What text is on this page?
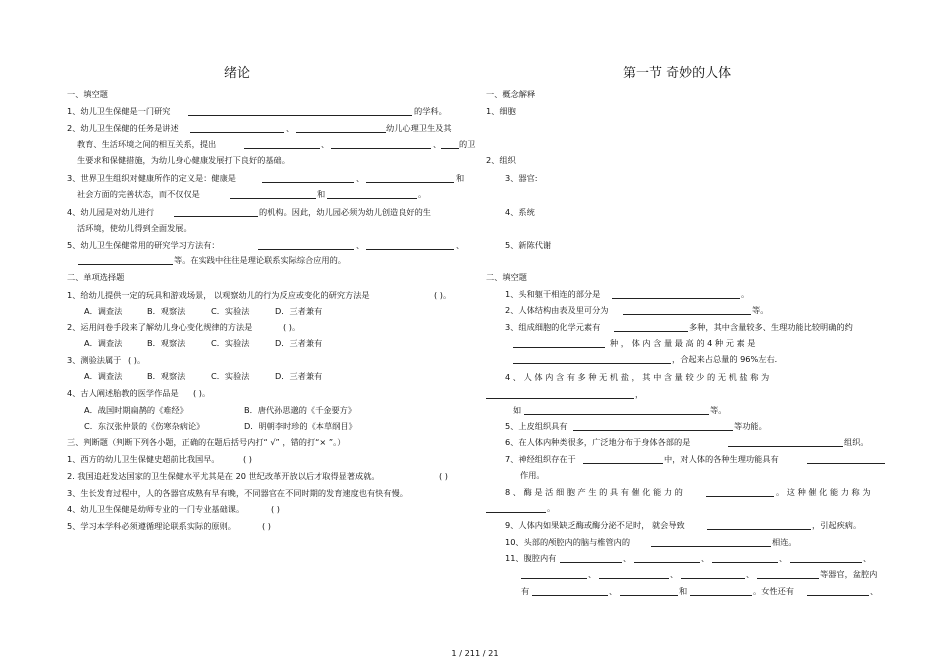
绪论
一、填空题
1、幼儿卫生保健是一门研究	的学科。
2、幼儿卫生保健的任务是讲述	、	幼儿心理卫生及其
教育、生活环境之间的相互关系，提出	、	、 的卫
生要求和保健措施，为幼儿身心健康发展打下良好的基础。
3、世界卫生组织对健康所作的定义是：健康是	、	和
社会方面的完善状态，而不仅仅是	和	。
4、幼儿园是对幼儿进行	的机构。因此，幼儿园必须为幼儿创造良好的生
活环境，使幼儿得到全面发展。
5、幼儿卫生保健常用的研究学习方法有：	、	、
等。在实践中往往是理论联系实际综合应用的。
二、单项选择题
1、给幼儿提供一定的玩具和游戏场景， 以观察幼儿的行为反应或变化的研究方法是	( )。
A．调查法	B．观察法	C．实验法	D．三者兼有
2、运用问卷手段来了解幼儿身心变化规律的方法是	( )。
A．调查法	B．观察法	C．实验法	D．三者兼有
3、测验法属于 ( )。
A．调查法	B．观察法	C．实验法	D．三者兼有
4、古人阐述胎教的医学作品是 ( )。
A．战国时期扁鹊的《难经》	B．唐代孙思邈的《千金要方》
C．东汉张仲景的《伤寒杂病论》	D．明朝李时珍的《本草纲目》
三、判断题（判断下列各小题，正确的在题后括号内打“ √” ，错的打“× ”。）
1、西方的幼儿卫生保健史超前比我国早。	( )
2. 我国追赶发达国家的卫生保健水平尤其是在 20 世纪改革开放以后才取得显著成就。	( )
3、生长发育过程中，人的各器官成熟有早有晚，不同器官在不同时期的发育速度也有快有慢。
4、幼儿卫生保健是幼师专业的一门专业基础课。	( )
5、学习本学科必须遵循理论联系实际的原则。	( )
第一节 奇妙的人体
一、概念解释
1、细胞
2、组织
3、器官:
4、系统
5、新陈代谢
二、填空题
1、头和躯干相连的部分是	。
2、人体结构由表及里可分为	等。
3、组成细胞的化学元素有	多种，其中含量较多、生理功能比较明确的约
种 ， 体 内 含 量 最 高 的 4 种 元 素 是
，合起来占总量的 96%左右．
4 、 人 体 内 含 有 多 种 无 机 盐 ， 其 中 含 量 较 少 的 无 机 盐 称 为
，
如	等。
5、上皮组织具有	等功能。
6、在人体内种类很多，广泛地分布于身体各部的是	组织。
7、神经组织存在于	中，对人体的各种生理功能具有
作用。
8 、 酶 是 活 细 胞 产 生 的 具 有 催 化 能 力 的	。 这 种 催 化 能 力 称 为
。
9、人体内如果缺乏酶或酶分泌不足时， 就会导致	，引起疾病。
10、头部的颅腔内的脑与椎管内的	相连。
11、腹腔内有	、	、	、	、
、	、	、	等器官，盆腔内
有	、	和	。女性还有	、
1 / 211 / 21
